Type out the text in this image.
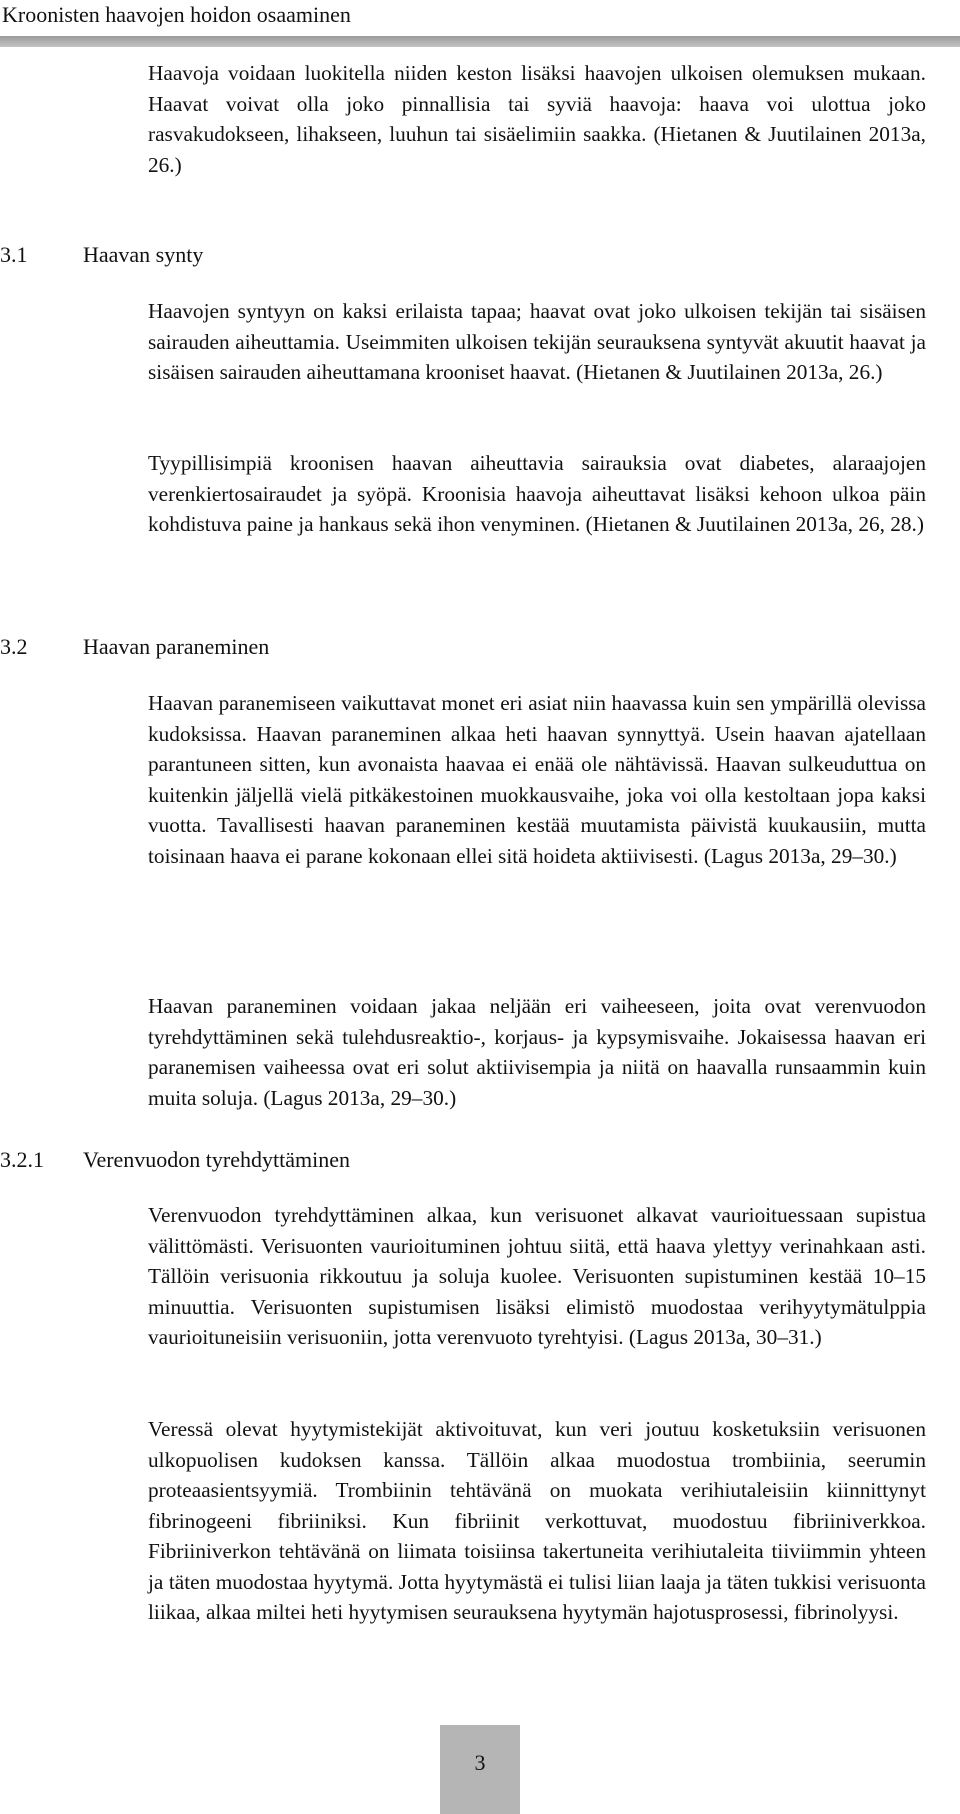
Kroonisten haavojen hoidon osaaminen

Haavoja voidaan luokitella niiden keston lisäksi haavojen ulkoisen olemuksen mukaan. Haavat voivat olla joko pinnallisia tai syviä haavoja: haava voi ulottua joko rasvakudokseen, lihakseen, luuhun tai sisäelimiin saakka. (Hietanen & Juutilainen 2013a, 26.)

3.1	Haavan synty

Haavojen syntyyn on kaksi erilaista tapaa; haavat ovat joko ulkoisen tekijän tai sisäisen sairauden aiheuttamia. Useimmiten ulkoisen tekijän seurauksena syntyvät akuutit haavat ja sisäisen sairauden aiheuttamana krooniset haavat. (Hietanen & Juutilainen 2013a, 26.)

Tyypillisimpiä kroonisen haavan aiheuttavia sairauksia ovat diabetes, alaraajojen verenkiertosairaudet ja syöpä. Kroonisia haavoja aiheuttavat lisäksi kehoon ulkoa päin kohdistuva paine ja hankaus sekä ihon venyminen. (Hietanen & Juutilainen 2013a, 26, 28.)

3.2	Haavan paraneminen

Haavan paranemiseen vaikuttavat monet eri asiat niin haavassa kuin sen ympärillä olevissa kudoksissa. Haavan paraneminen alkaa heti haavan synnyttyä. Usein haavan ajatellaan parantuneen sitten, kun avonaista haavaa ei enää ole nähtävissä. Haavan sulkeuduttua on kuitenkin jäljellä vielä pitkäkestoinen muokkausvaihe, joka voi olla kestoltaan jopa kaksi vuotta. Tavallisesti haavan paraneminen kestää muutamista päivistä kuukausiin, mutta toisinaan haava ei parane kokonaan ellei sitä hoideta aktiivisesti. (Lagus 2013a, 29–30.)

Haavan paraneminen voidaan jakaa neljään eri vaiheeseen, joita ovat verenvuodon tyrehdyttäminen sekä tulehdusreaktio-, korjaus- ja kypsymisvaihe. Jokaisessa haavan eri paranemisen vaiheessa ovat eri solut aktiivisempia ja niitä on haavalla runsaammin kuin muita soluja. (Lagus 2013a, 29–30.)

3.2.1 Verenvuodon tyrehdyttäminen

Verenvuodon tyrehdyttäminen alkaa, kun verisuonet alkavat vaurioituessaan supistua välittömästi. Verisuonten vaurioituminen johtuu siitä, että haava ylettyy verinahkaan asti. Tällöin verisuonia rikkoutuu ja soluja kuolee. Verisuonten supistuminen kestää 10–15 minuuttia. Verisuonten supistumisen lisäksi elimistö muodostaa verihyytymätulppia vaurioituneisiin verisuoniin, jotta verenvuoto tyrehtyisi. (Lagus 2013a, 30–31.)

Veressä olevat hyytymistekijät aktivoituvat, kun veri joutuu kosketuksiin verisuonen ulkopuolisen kudoksen kanssa. Tällöin alkaa muodostua trombiinia, seerumin proteaasientsyymiä. Trombiinin tehtävänä on muokata verihiutaleisiin kiinnittynyt fibrinogeeni fibriiniksi. Kun fibriinit verkottuvat, muodostuu fibriiniverkkoa. Fibriiniverkon tehtävänä on liimata toisiinsa takertuneita verihiutaleita tiiviimmin yhteen ja täten muodostaa hyytymä. Jotta hyytymästä ei tulisi liian laaja ja täten tukkisi verisuonta liikaa, alkaa miltei heti hyytymisen seurauksena hyytymän hajotusprosessi, fibrinolyysi.

3
